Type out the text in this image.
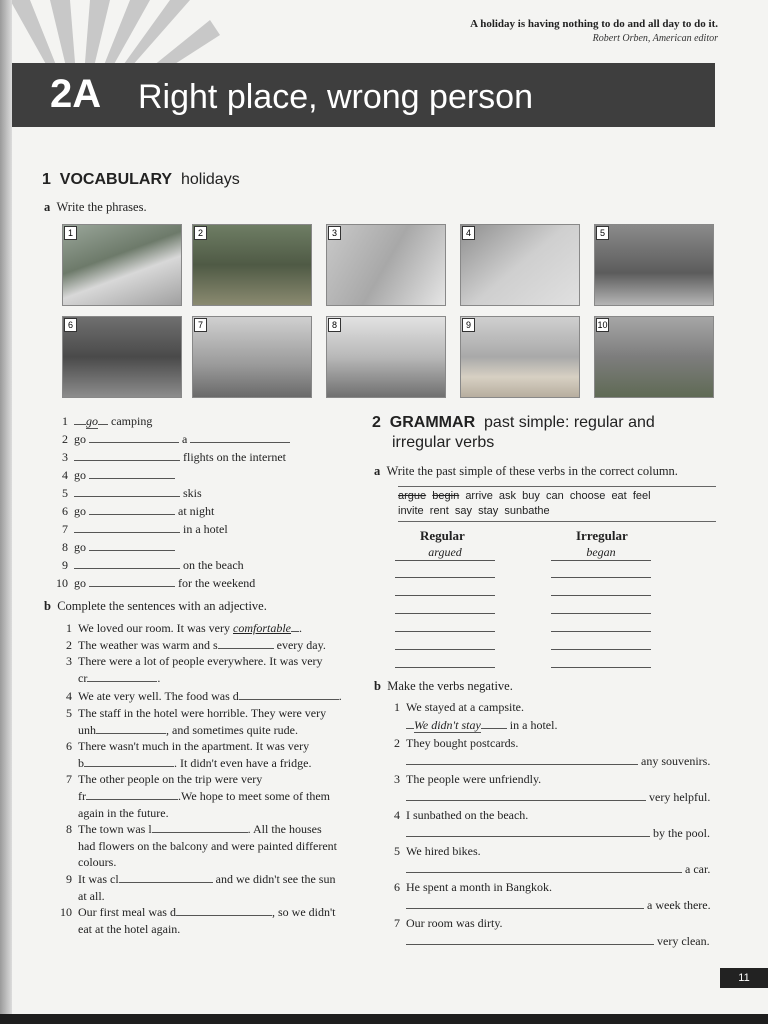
A holiday is having nothing to do and all day to do it.
Robert Orben, American editor
2A Right place, wrong person
1 VOCABULARY holidays
a Write the phrases.
1	2	3	4	5
6	7	8	9	10
1 go camping
2 go	a
3	flights on the internet
4 go
5	skis
6 go	at night
7	in a hotel
8 go
9	on the beach
10 go	for the weekend
b Complete the sentences with an adjective.
1 We loved our room. It was very comfortable .
2 The weather was warm and s	every day.
3 There were a lot of people everywhere. It was very
cr	.
4 We ate very well. The food was d	.
5 The staff in the hotel were horrible. They were very
unh	, and sometimes quite rude.
6 There wasn't much in the apartment. It was very
b	. It didn't even have a fridge.
7 The other people on the trip were very
fr	.We hope to meet some of them
again in the future.
8 The town was l	. All the houses
had flowers on the balcony and were painted different
colours.
9 It was cl	and we didn't see the sun
at all.
10 Our first meal was d	, so we didn't
eat at the hotel again.
2 GRAMMAR past simple: regular and
irregular verbs
a Write the past simple of these verbs in the correct column.
argue begin arrive  ask  buy  can  choose  eat  feel
invite  rent  say  stay  sunbathe
Regular	Irregular
argued	began
b Make the verbs negative.
1 We stayed at a campsite.
We didn't stay in a hotel.
2 They bought postcards.
any souvenirs.
3 The people were unfriendly.
very helpful.
4 I sunbathed on the beach.
by the pool.
5 We hired bikes.
a car.
6 He spent a month in Bangkok.
a week there.
7 Our room was dirty.
very clean.
11
